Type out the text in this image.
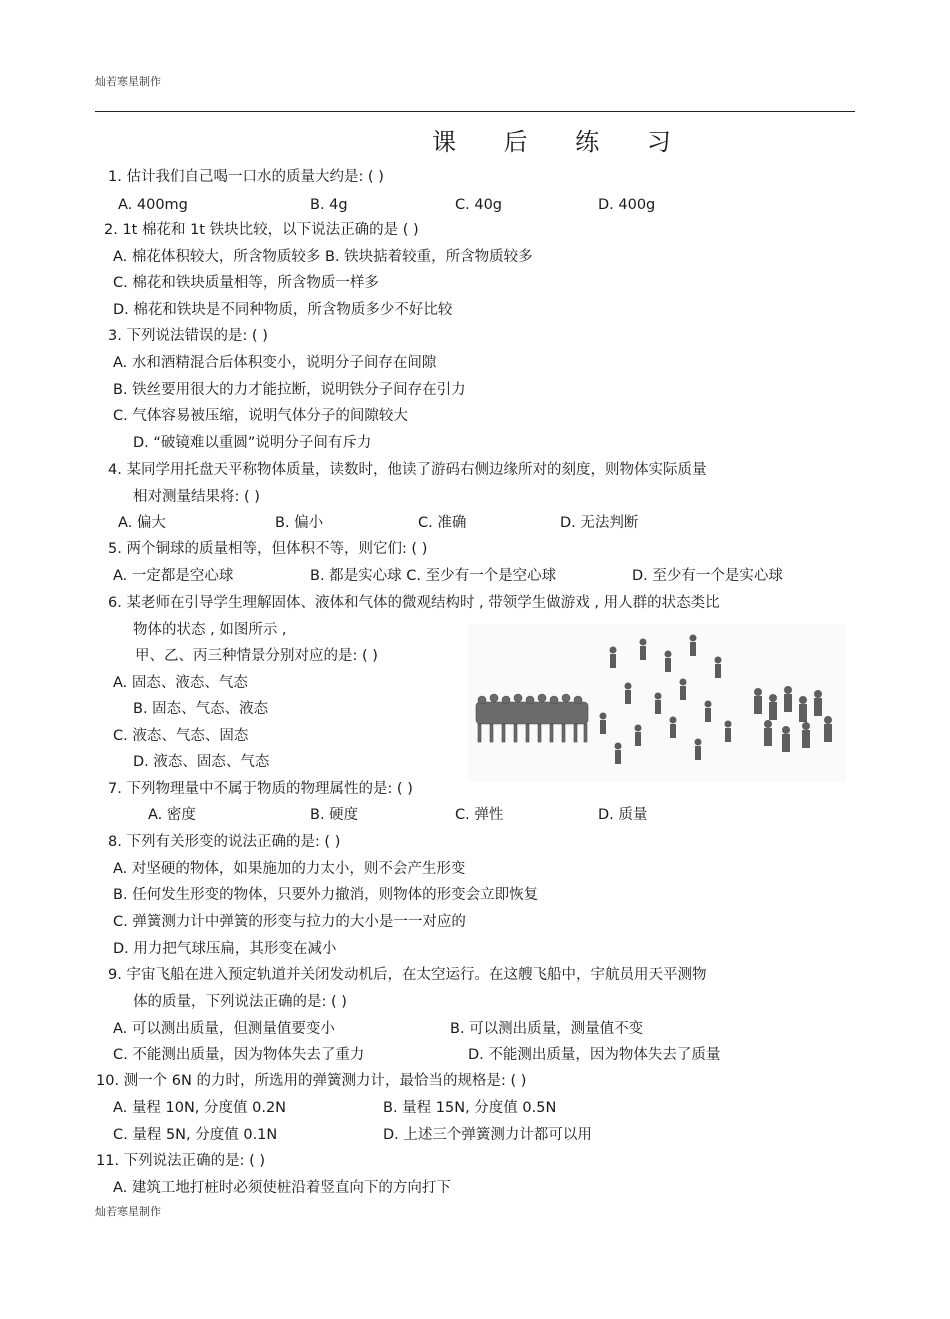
灿若寒星制作
课 后 练 习
1. 估计我们自己喝一口水的质量大约是: ( )
A. 400mg	B. 4g	C. 40g	D. 400g
2. 1t 棉花和 1t 铁块比较，以下说法正确的是 ( )
A. 棉花体积较大，所含物质较多 B. 铁块掂着较重，所含物质较多
C. 棉花和铁块质量相等，所含物质一样多
D. 棉花和铁块是不同种物质，所含物质多少不好比较
3. 下列说法错误的是: ( )
A. 水和酒精混合后体积变小，说明分子间存在间隙
B. 铁丝要用很大的力才能拉断，说明铁分子间存在引力
C. 气体容易被压缩，说明气体分子的间隙较大
D. “破镜难以重圆”说明分子间有斥力
4. 某同学用托盘天平称物体质量，读数时，他读了游码右侧边缘所对的刻度，则物体实际质量
相对测量结果将: ( )
A. 偏大	B. 偏小	C. 准确	D. 无法判断
5. 两个铜球的质量相等，但体积不等，则它们: ( )
A. 一定都是空心球	B. 都是实心球 C. 至少有一个是空心球	D. 至少有一个是实心球
6. 某老师在引导学生理解固体、液体和气体的微观结构时 , 带领学生做游戏 , 用人群的状态类比
物体的状态 , 如图所示 ,
甲、乙、丙三种情景分别对应的是: ( )
A. 固态、液态、气态
B. 固态、气态、液态
C. 液态、气态、固态
D. 液态、固态、气态
7. 下列物理量中不属于物质的物理属性的是: ( )
A. 密度	B. 硬度	C. 弹性	D. 质量
8. 下列有关形变的说法正确的是: ( )
A. 对坚硬的物体，如果施加的力太小，则不会产生形变
B. 任何发生形变的物体，只要外力撤消，则物体的形变会立即恢复
C. 弹簧测力计中弹簧的形变与拉力的大小是一一对应的
D. 用力把气球压扁，其形变在减小
9. 宇宙飞船在进入预定轨道并关闭发动机后，在太空运行。在这艘飞船中，宇航员用天平测物
体的质量，下列说法正确的是: ( )
A. 可以测出质量，但测量值要变小	B. 可以测出质量，测量值不变
C. 不能测出质量，因为物体失去了重力	D. 不能测出质量，因为物体失去了质量
10. 测一个 6N 的力时，所选用的弹簧测力计，最恰当的规格是: ( )
A. 量程 10N, 分度值 0.2N	B. 量程 15N, 分度值 0.5N
C. 量程 5N, 分度值 0.1N	D. 上述三个弹簧测力计都可以用
11. 下列说法正确的是: ( )
A. 建筑工地打桩时必须使桩沿着竖直向下的方向打下
灿若寒星制作
